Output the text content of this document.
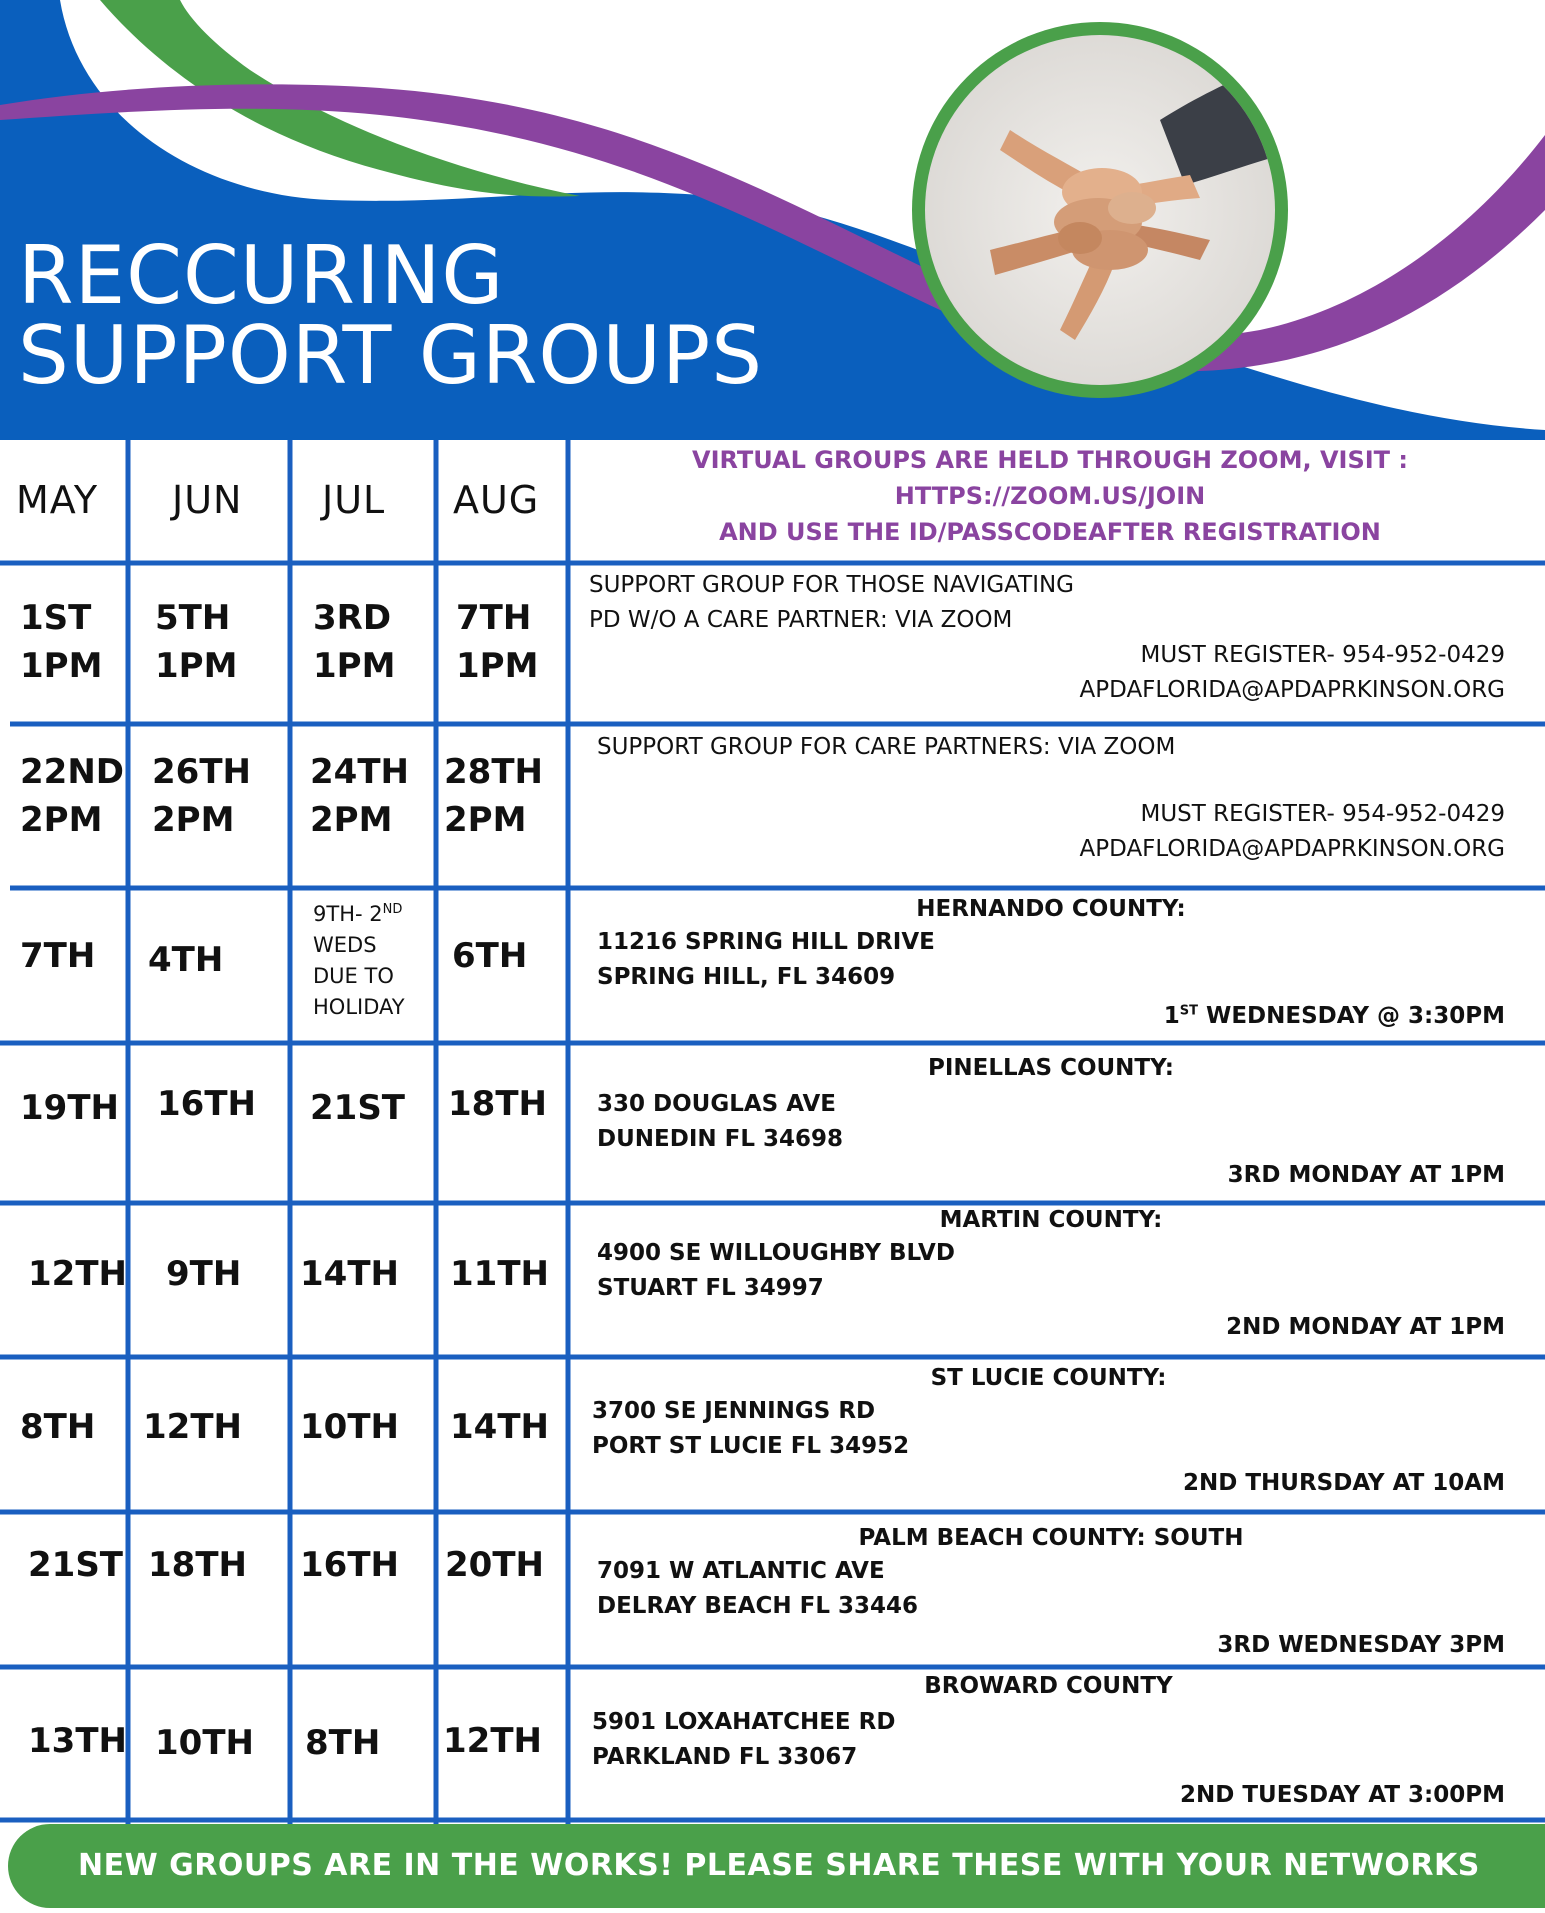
RECCURING
SUPPORT GROUPS
MAY JUN JUL AUG
VIRTUAL GROUPS ARE HELD THROUGH ZOOM, VISIT :
HTTPS://ZOOM.US/JOIN
AND USE THE ID/PASSCODEAFTER REGISTRATION
1ST
1PM
5TH
1PM
3RD
1PM
7TH
1PM
SUPPORT GROUP FOR THOSE NAVIGATING
PD W/O A CARE PARTNER: VIA ZOOM
MUST REGISTER- 954-952-0429
APDAFLORIDA@APDAPRKINSON.ORG
22ND
2PM
26TH
2PM
24TH
2PM
28TH
2PM
SUPPORT GROUP FOR CARE PARTNERS: VIA ZOOM
MUST REGISTER- 954-952-0429
APDAFLORIDA@APDAPRKINSON.ORG
7TH 4TH
9TH- 2ND
WEDS
DUE TO
HOLIDAY
6TH
HERNANDO COUNTY:
11216 SPRING HILL DRIVE
SPRING HILL, FL 34609
1ST WEDNESDAY @ 3:30PM
19TH 16TH 21ST 18TH
PINELLAS COUNTY:
330 DOUGLAS AVE
DUNEDIN FL 34698
3RD MONDAY AT 1PM
12TH 9TH 14TH 11TH
MARTIN COUNTY:
4900 SE WILLOUGHBY BLVD
STUART FL 34997
2ND MONDAY AT 1PM
8TH 12TH 10TH 14TH
ST LUCIE COUNTY:
3700 SE JENNINGS RD
PORT ST LUCIE FL 34952
2ND THURSDAY AT 10AM
21ST 18TH 16TH 20TH
PALM BEACH COUNTY: SOUTH
7091 W ATLANTIC AVE
DELRAY BEACH FL 33446
3RD WEDNESDAY 3PM
13TH 10TH 8TH 12TH
BROWARD COUNTY
5901 LOXAHATCHEE RD
PARKLAND FL 33067
2ND TUESDAY AT 3:00PM
NEW GROUPS ARE IN THE WORKS! PLEASE SHARE THESE WITH YOUR NETWORKS
